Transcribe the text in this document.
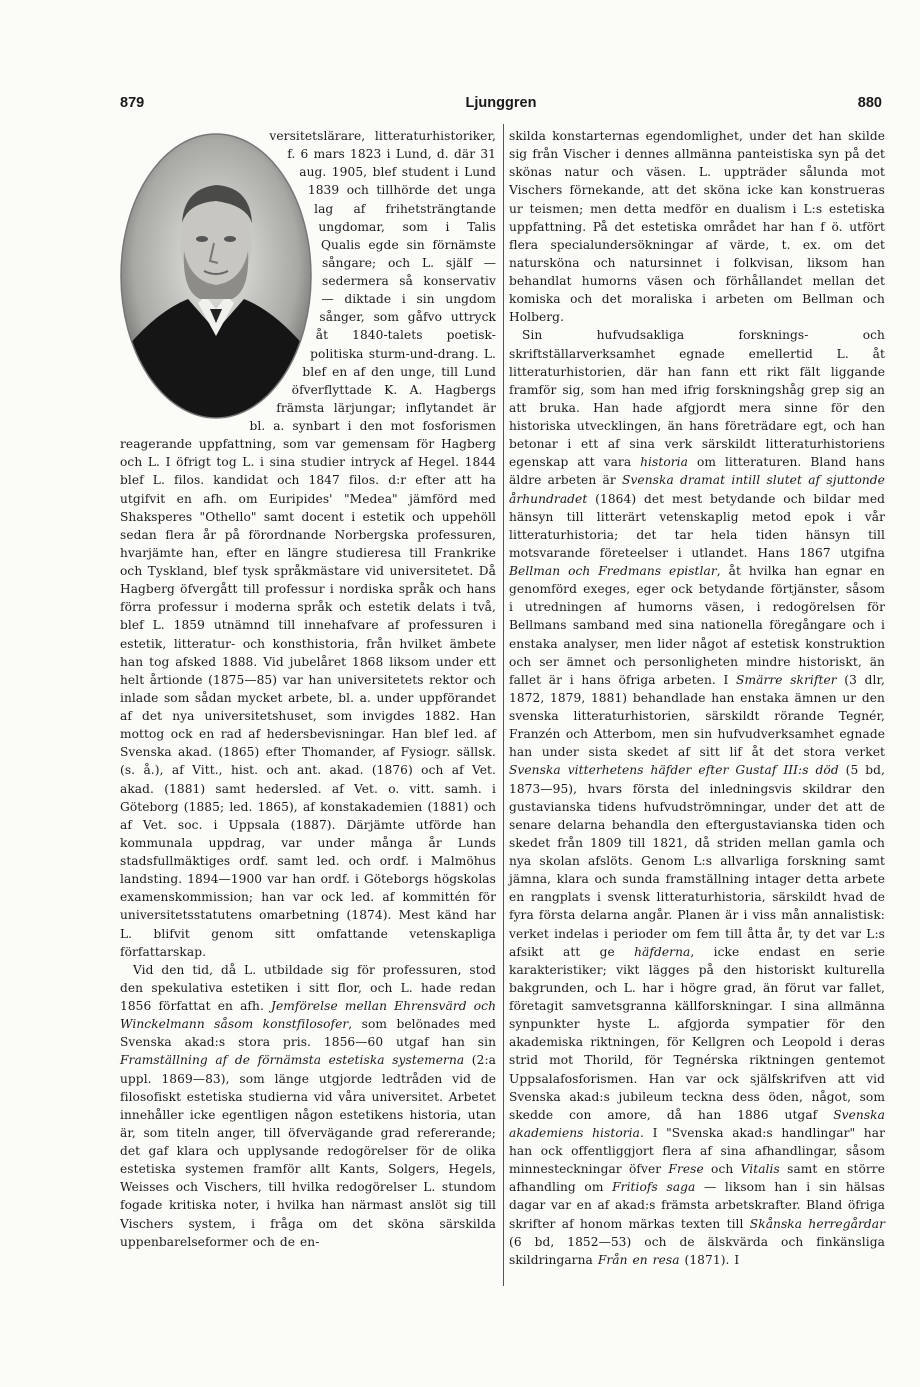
879	Ljunggren	880

versitetslärare, litteraturhistoriker, f. 6 mars 1823 i Lund, d. där 31 aug. 1905, blef student i Lund 1839 och tillhörde det unga lag af frihetsträngtande ungdomar, som i Talis Qualis egde sin förnämste sångare; och L. själf — sedermera så konservativ — diktade i sin ungdom sånger, som gåfvo uttryck åt 1840-talets poetisk-politiska sturm-und-drang. L. blef en af den unge, till Lund öfverflyttade K. A. Hagbergs främsta lärjungar; inflytandet är bl. a. synbart i den mot fosforismen reagerande uppfattning, som var gemensam för Hagberg och L. I öfrigt tog L. i sina studier intryck af Hegel. 1844 blef L. filos. kandidat och 1847 filos. d:r efter att ha utgifvit en afh. om Euripides' "Medea" jämförd med Shaksperes "Othello" samt docent i estetik och uppehöll sedan flera år på förordnande Norbergska professuren, hvarjämte han, efter en längre studieresa till Frankrike och Tyskland, blef tysk språkmästare vid universitetet. Då Hagberg öfvergått till professur i nordiska språk och hans förra professur i moderna språk och estetik delats i två, blef L. 1859 utnämnd till innehafvare af professuren i estetik, litteratur- och konsthistoria, från hvilket ämbete han tog afsked 1888. Vid jubelåret 1868 liksom under ett helt årtionde (1875—85) var han universitetets rektor och inlade som sådan mycket arbete, bl. a. under uppförandet af det nya universitetshuset, som invigdes 1882. Han mottog ock en rad af hedersbevisningar. Han blef led. af Svenska akad. (1865) efter Thomander, af Fysiogr. sällsk. (s. å.), af Vitt., hist. och ant. akad. (1876) och af Vet. akad. (1881) samt hedersled. af Vet. o. vitt. samh. i Göteborg (1885; led. 1865), af konstakademien (1881) och af Vet. soc. i Uppsala (1887). Därjämte utförde han kommunala uppdrag, var under många år Lunds stadsfullmäktiges ordf. samt led. och ordf. i Malmöhus landsting. 1894—1900 var han ordf. i Göteborgs högskolas examenskommission; han var ock led. af kommittén för universitetsstatutens omarbetning (1874). Mest känd har L. blifvit genom sitt omfattande vetenskapliga författarskap.

Vid den tid, då L. utbildade sig för professuren, stod den spekulativa estetiken i sitt flor, och L. hade redan 1856 författat en afh. Jemförelse mellan Ehrensvärd och Winckelmann såsom konstfilosofer, som belönades med Svenska akad:s stora pris. 1856—60 utgaf han sin Framställning af de förnämsta estetiska systemerna (2:a uppl. 1869—83), som länge utgjorde ledtråden vid de filosofiskt estetiska studierna vid våra universitet. Arbetet innehåller icke egentligen någon estetikens historia, utan är, som titeln anger, till öfvervägande grad refererande; det gaf klara och upplysande redogörelser för de olika estetiska systemen framför allt Kants, Solgers, Hegels, Weisses och Vischers, till hvilka redogörelser L. stundom fogade kritiska noter, i hvilka han närmast anslöt sig till Vischers system, i fråga om det sköna särskilda uppenbarelseformer och de en-

skilda konstarternas egendomlighet, under det han skilde sig från Vischer i dennes allmänna panteistiska syn på det skönas natur och väsen. L. uppträder sålunda mot Vischers förnekande, att det sköna icke kan konstrueras ur teismen; men detta medför en dualism i L:s estetiska uppfattning. På det estetiska området har han f ö. utfört flera specialundersökningar af värde, t. ex. om det natursköna och natursinnet i folkvisan, liksom han behandlat humorns väsen och förhållandet mellan det komiska och det moraliska i arbeten om Bellman och Holberg.

Sin hufvudsakliga forsknings- och skriftställarverksamhet egnade emellertid L. åt litteraturhistorien, där han fann ett rikt fält liggande framför sig, som han med ifrig forskningshåg grep sig an att bruka. Han hade afgjordt mera sinne för den historiska utvecklingen, än hans företrädare egt, och han betonar i ett af sina verk särskildt litteraturhistoriens egenskap att vara historia om litteraturen. Bland hans äldre arbeten är Svenska dramat intill slutet af sjuttonde århundradet (1864) det mest betydande och bildar med hänsyn till litterärt vetenskaplig metod epok i vår litteraturhistoria; det tar hela tiden hänsyn till motsvarande företeelser i utlandet. Hans 1867 utgifna Bellman och Fredmans epistlar, åt hvilka han egnar en genomförd exeges, eger ock betydande förtjänster, såsom i utredningen af humorns väsen, i redogörelsen för Bellmans samband med sina nationella föregångare och i enstaka analyser, men lider något af estetisk konstruktion och ser ämnet och personligheten mindre historiskt, än fallet är i hans öfriga arbeten. I Smärre skrifter (3 dlr, 1872, 1879, 1881) behandlade han enstaka ämnen ur den svenska litteraturhistorien, särskildt rörande Tegnér, Franzén och Atterbom, men sin hufvudverksamhet egnade han under sista skedet af sitt lif åt det stora verket Svenska vitterhetens häfder efter Gustaf III:s död (5 bd, 1873—95), hvars första del inledningsvis skildrar den gustavianska tidens hufvudströmningar, under det att de senare delarna behandla den eftergustavianska tiden och skedet från 1809 till 1821, då striden mellan gamla och nya skolan afslöts. Genom L:s allvarliga forskning samt jämna, klara och sunda framställning intager detta arbete en rangplats i svensk litteraturhistoria, särskildt hvad de fyra första delarna angår. Planen är i viss mån annalistisk: verket indelas i perioder om fem till åtta år, ty det var L:s afsikt att ge häfderna, icke endast en serie karakteristiker; vikt lägges på den historiskt kulturella bakgrunden, och L. har i högre grad, än förut var fallet, företagit samvetsgranna källforskningar. I sina allmänna synpunkter hyste L. afgjorda sympatier för den akademiska riktningen, för Kellgren och Leopold i deras strid mot Thorild, för Tegnérska riktningen gentemot Uppsalafosforismen. Han var ock själfskrifven att vid Svenska akad:s jubileum teckna dess öden, något, som skedde con amore, då han 1886 utgaf Svenska akademiens historia. I "Svenska akad:s handlingar" har han ock offentliggjort flera af sina afhandlingar, såsom minnesteckningar öfver Frese och Vitalis samt en större afhandling om Fritiofs saga — liksom han i sin hälsas dagar var en af akad:s främsta arbetskrafter. Bland öfriga skrifter af honom märkas texten till Skånska herregårdar (6 bd, 1852—53) och de älskvärda och finkänsliga skildringarna Från en resa (1871). I
